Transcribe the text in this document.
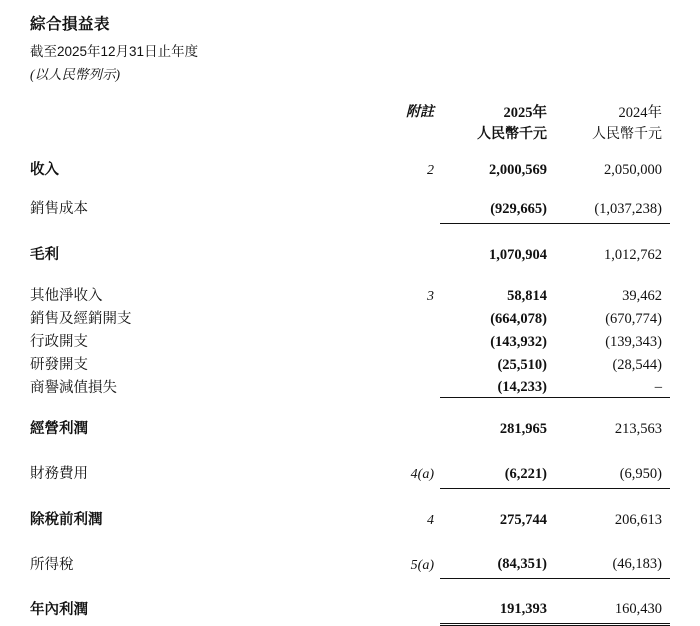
綜合損益表
截至2025年12月31日止年度
(以人民幣列示)
	附註	2025年	2024年
		人民幣千元	人民幣千元
收入	2	2,000,569	2,050,000

銷售成本		(929,665)	(1,037,238)

毛利		1,070,904	1,012,762

其他淨收入	3	58,814	39,462
銷售及經銷開支		(664,078)	(670,774)
行政開支		(143,932)	(139,343)
研發開支		(25,510)	(28,544)
商譽減值損失		(14,233)	–

經營利潤		281,965	213,563

財務費用	4(a)	(6,221)	(6,950)

除稅前利潤	4	275,744	206,613

所得稅	5(a)	(84,351)	(46,183)

年內利潤		191,393	160,430
